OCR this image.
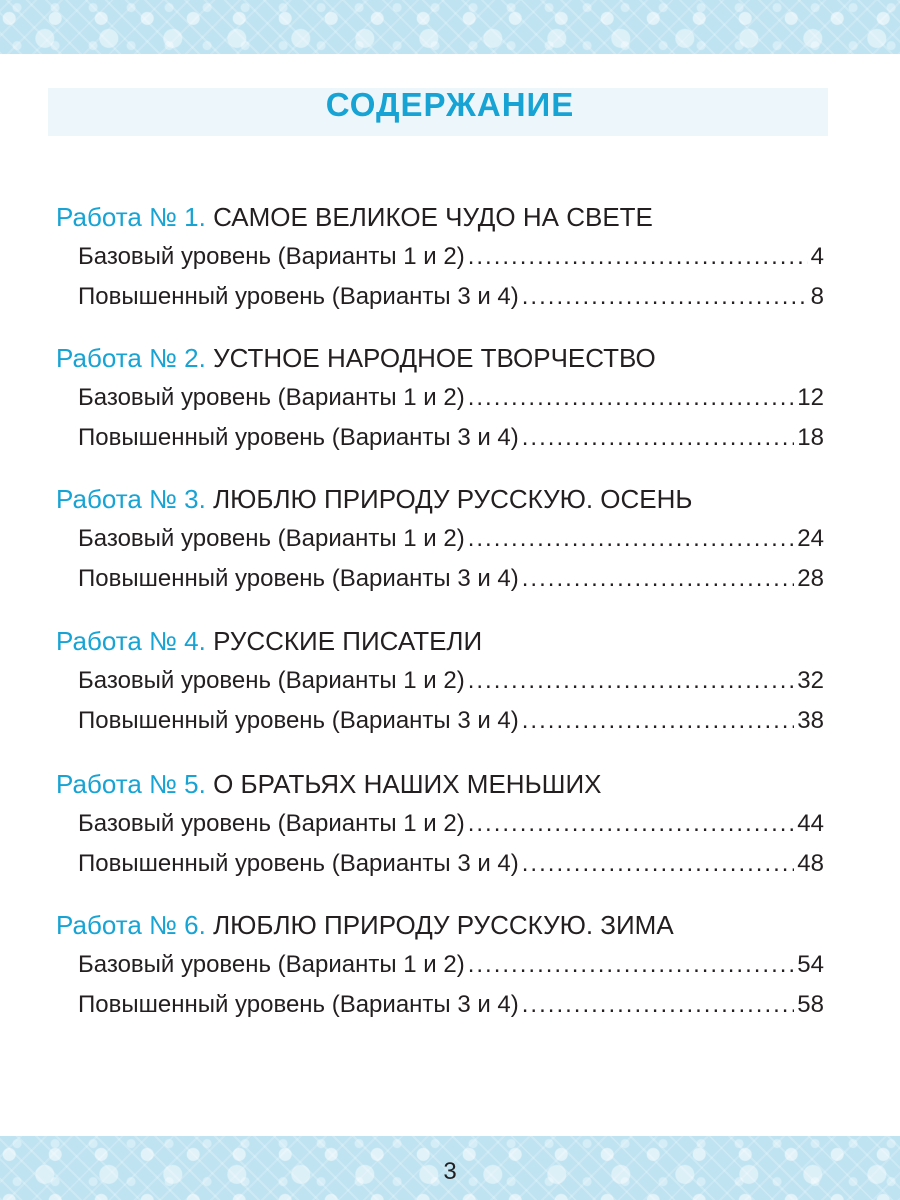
СОДЕРЖАНИЕ
Работа № 1. САМОЕ ВЕЛИКОЕ ЧУДО НА СВЕТЕ
Базовый уровень (Варианты 1 и 2) .....	4
Повышенный уровень (Варианты 3 и 4) .....	8
Работа № 2. УСТНОЕ НАРОДНОЕ ТВОРЧЕСТВО
Базовый уровень (Варианты 1 и 2) .....	12
Повышенный уровень (Варианты 3 и 4) .....	18
Работа № 3. ЛЮБЛЮ ПРИРОДУ РУССКУЮ. ОСЕНЬ
Базовый уровень (Варианты 1 и 2) .....	24
Повышенный уровень (Варианты 3 и 4) .....	28
Работа № 4. РУССКИЕ ПИСАТЕЛИ
Базовый уровень (Варианты 1 и 2) .....	32
Повышенный уровень (Варианты 3 и 4) .....	38
Работа № 5. О БРАТЬЯХ НАШИХ МЕНЬШИХ
Базовый уровень (Варианты 1 и 2) .....	44
Повышенный уровень (Варианты 3 и 4) .....	48
Работа № 6. ЛЮБЛЮ ПРИРОДУ РУССКУЮ. ЗИМА
Базовый уровень (Варианты 1 и 2) .....	54
Повышенный уровень (Варианты 3 и 4) .....	58
3
